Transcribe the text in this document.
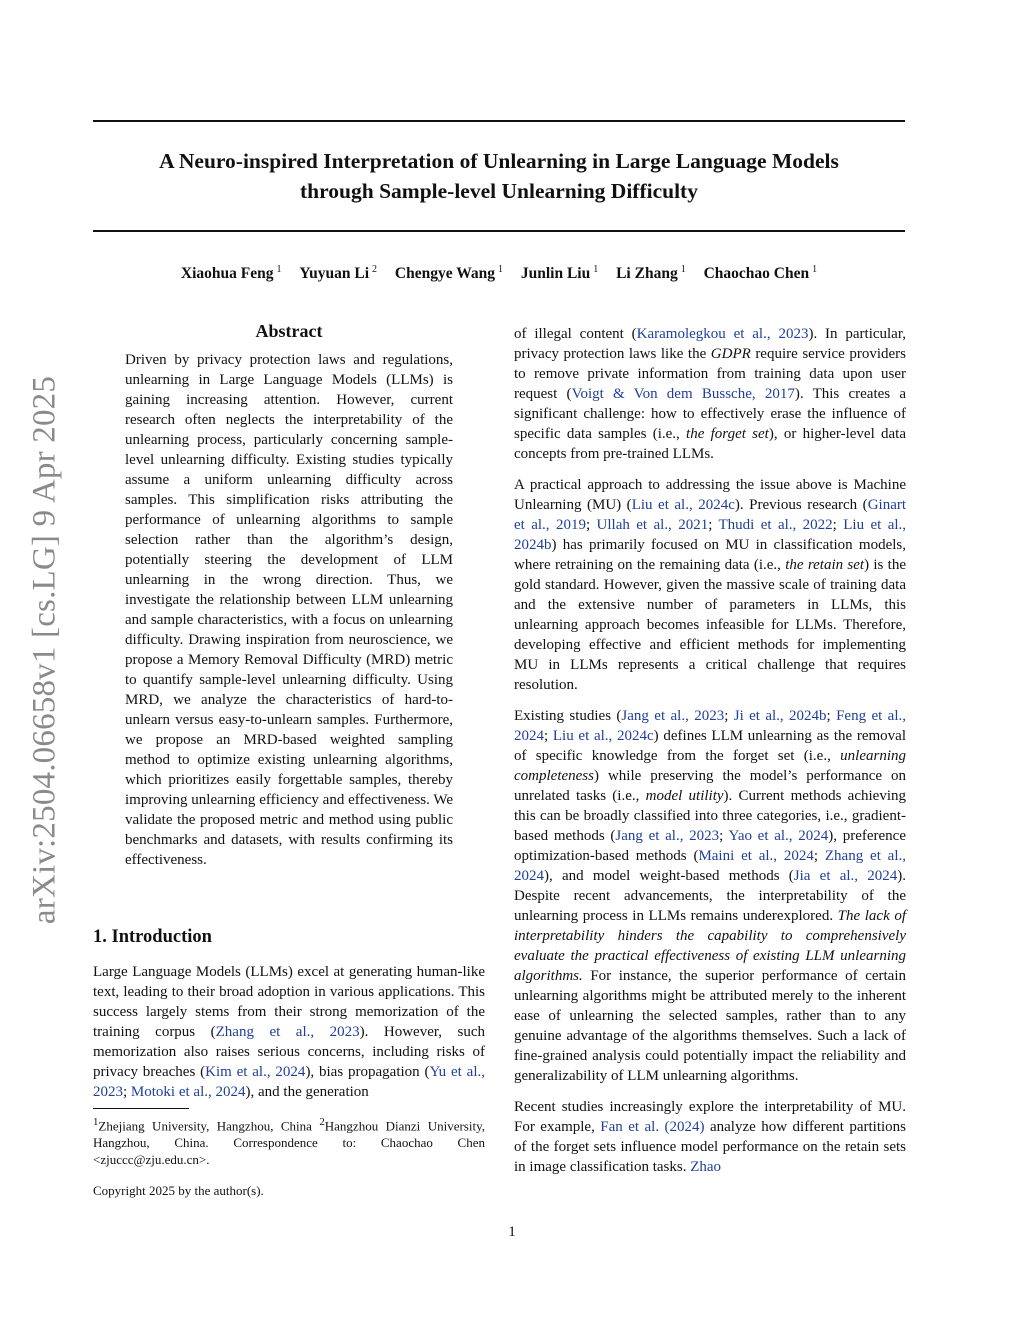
A Neuro-inspired Interpretation of Unlearning in Large Language Models
through Sample-level Unlearning Difficulty
Xiaohua Feng $^1$ Yuyuan Li $^2$ Chengye Wang $^1$ Junlin Liu $^1$ Li Zhang $^1$ Chaochao Chen $^1$
arXiv:2504.06658v1 [cs.LG] 9 Apr 2025
Abstract

Driven by privacy protection laws and regulations, unlearning in Large Language Models (LLMs) is gaining increasing attention. However, current research often neglects the interpretability of the unlearning process, particularly concerning sample-level unlearning difficulty. Existing studies typically assume a uniform unlearning difficulty across samples. This simplification risks attributing the performance of unlearning algorithms to sample selection rather than the algorithm’s design, potentially steering the development of LLM unlearning in the wrong direction. Thus, we investigate the relationship between LLM unlearning and sample characteristics, with a focus on unlearning difficulty. Drawing inspiration from neuroscience, we propose a Memory Removal Difficulty (MRD) metric to quantify sample-level unlearning difficulty. Using MRD, we analyze the characteristics of hard-to-unlearn versus easy-to-unlearn samples. Furthermore, we propose an MRD-based weighted sampling method to optimize existing unlearning algorithms, which prioritizes easily forgettable samples, thereby improving unlearning efficiency and effectiveness. We validate the proposed metric and method using public benchmarks and datasets, with results confirming its effectiveness.

1. Introduction

Large Language Models (LLMs) excel at generating human-like text, leading to their broad adoption in various applications. This success largely stems from their strong memorization of the training corpus (Zhang et al., 2023). However, such memorization also raises serious concerns, including risks of privacy breaches (Kim et al., 2024), bias propagation (Yu et al., 2023; Motoki et al., 2024), and the generation

$^1$Zhejiang University, Hangzhou, China $^2$Hangzhou Dianzi University, Hangzhou, China. Correspondence to: Chaochao Chen <zjuccc@zju.edu.cn>.

Copyright 2025 by the author(s).

of illegal content (Karamolegkou et al., 2023). In particular, privacy protection laws like the GDPR require service providers to remove private information from training data upon user request (Voigt & Von dem Bussche, 2017). This creates a significant challenge: how to effectively erase the influence of specific data samples (i.e., the forget set), or higher-level data concepts from pre-trained LLMs.

A practical approach to addressing the issue above is Machine Unlearning (MU) (Liu et al., 2024c). Previous research (Ginart et al., 2019; Ullah et al., 2021; Thudi et al., 2022; Liu et al., 2024b) has primarily focused on MU in classification models, where retraining on the remaining data (i.e., the retain set) is the gold standard. However, given the massive scale of training data and the extensive number of parameters in LLMs, this unlearning approach becomes infeasible for LLMs. Therefore, developing effective and efficient methods for implementing MU in LLMs represents a critical challenge that requires resolution.

Existing studies (Jang et al., 2023; Ji et al., 2024b; Feng et al., 2024; Liu et al., 2024c) defines LLM unlearning as the removal of specific knowledge from the forget set (i.e., unlearning completeness) while preserving the model’s performance on unrelated tasks (i.e., model utility). Current methods achieving this can be broadly classified into three categories, i.e., gradient-based methods (Jang et al., 2023; Yao et al., 2024), preference optimization-based methods (Maini et al., 2024; Zhang et al., 2024), and model weight-based methods (Jia et al., 2024). Despite recent advancements, the interpretability of the unlearning process in LLMs remains underexplored. The lack of interpretability hinders the capability to comprehensively evaluate the practical effectiveness of existing LLM unlearning algorithms. For instance, the superior performance of certain unlearning algorithms might be attributed merely to the inherent ease of unlearning the selected samples, rather than to any genuine advantage of the algorithms themselves. Such a lack of fine-grained analysis could potentially impact the reliability and generalizability of LLM unlearning algorithms.

Recent studies increasingly explore the interpretability of MU. For example, Fan et al. (2024) analyze how different partitions of the forget sets influence model performance on the retain sets in image classification tasks. Zhao

1
